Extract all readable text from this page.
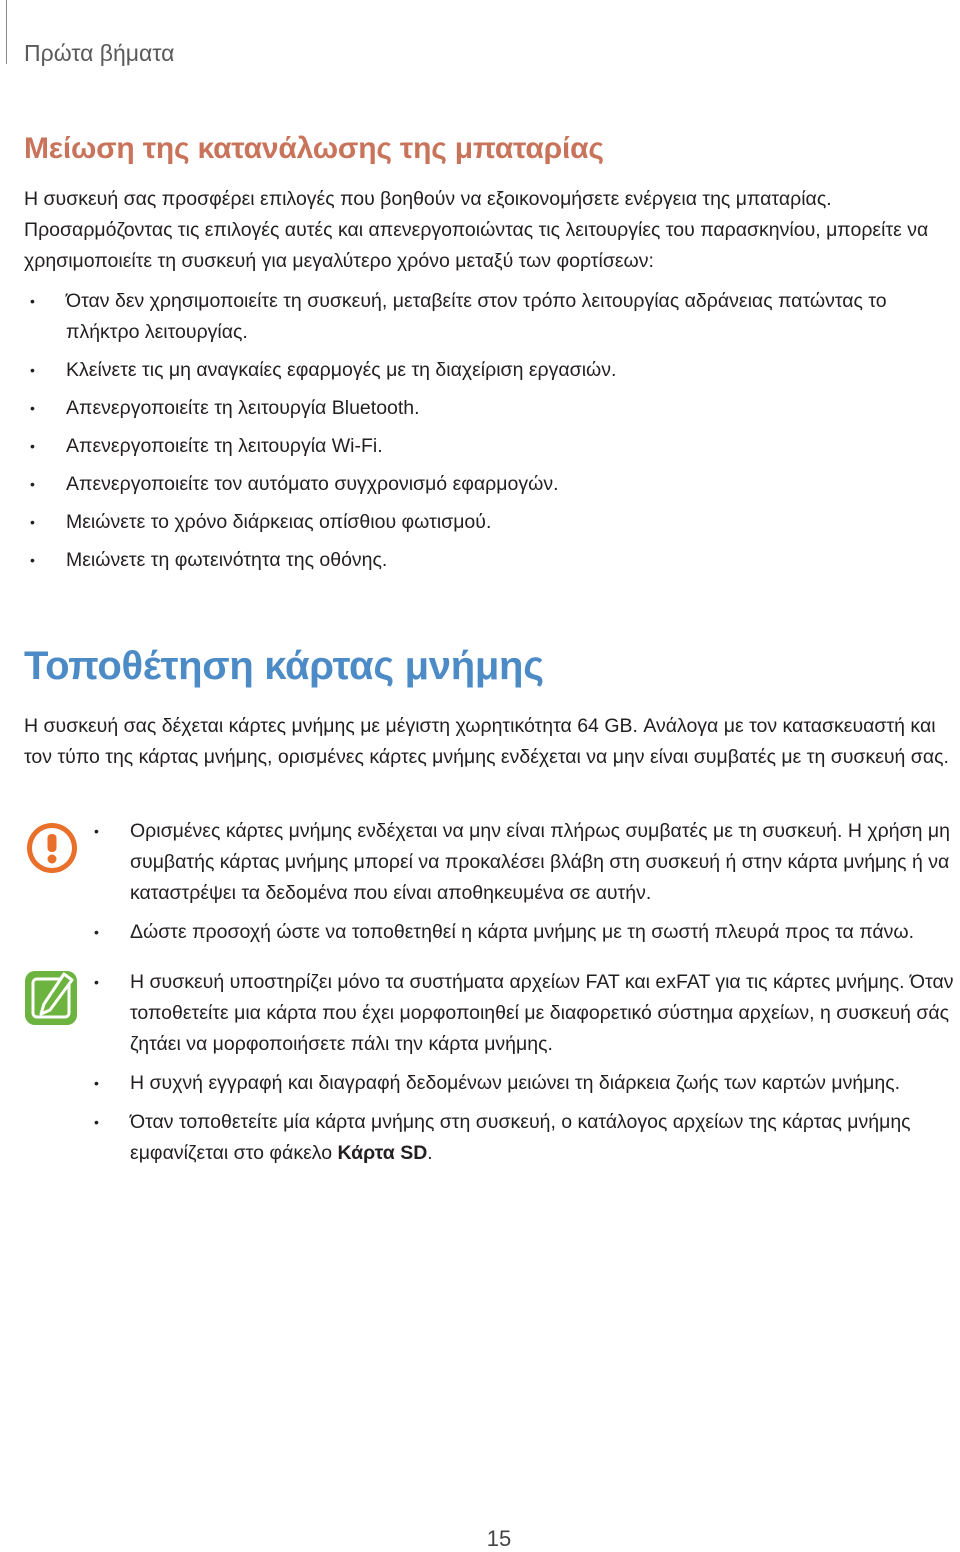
Πρώτα βήματα
Μείωση της κατανάλωσης της μπαταρίας

Η συσκευή σας προσφέρει επιλογές που βοηθούν να εξοικονομήσετε ενέργεια της μπαταρίας. Προσαρμόζοντας τις επιλογές αυτές και απενεργοποιώντας τις λειτουργίες του παρασκηνίου, μπορείτε να χρησιμοποιείτε τη συσκευή για μεγαλύτερο χρόνο μεταξύ των φορτίσεων:

• Όταν δεν χρησιμοποιείτε τη συσκευή, μεταβείτε στον τρόπο λειτουργίας αδράνειας πατώντας το πλήκτρο λειτουργίας.
• Κλείνετε τις μη αναγκαίες εφαρμογές με τη διαχείριση εργασιών.
• Απενεργοποιείτε τη λειτουργία Bluetooth.
• Απενεργοποιείτε τη λειτουργία Wi-Fi.
• Απενεργοποιείτε τον αυτόματο συγχρονισμό εφαρμογών.
• Μειώνετε το χρόνο διάρκειας οπίσθιου φωτισμού.
• Μειώνετε τη φωτεινότητα της οθόνης.
Τοποθέτηση κάρτας μνήμης

Η συσκευή σας δέχεται κάρτες μνήμης με μέγιστη χωρητικότητα 64 GB. Ανάλογα με τον κατασκευαστή και τον τύπο της κάρτας μνήμης, ορισμένες κάρτες μνήμης ενδέχεται να μην είναι συμβατές με τη συσκευή σας.

• Ορισμένες κάρτες μνήμης ενδέχεται να μην είναι πλήρως συμβατές με τη συσκευή. Η χρήση μη συμβατής κάρτας μνήμης μπορεί να προκαλέσει βλάβη στη συσκευή ή στην κάρτα μνήμης ή να καταστρέψει τα δεδομένα που είναι αποθηκευμένα σε αυτήν.
• Δώστε προσοχή ώστε να τοποθετηθεί η κάρτα μνήμης με τη σωστή πλευρά προς τα πάνω.
• Η συσκευή υποστηρίζει μόνο τα συστήματα αρχείων FAT και exFAT για τις κάρτες μνήμης. Όταν τοποθετείτε μια κάρτα που έχει μορφοποιηθεί με διαφορετικό σύστημα αρχείων, η συσκευή σάς ζητάει να μορφοποιήσετε πάλι την κάρτα μνήμης.
• Η συχνή εγγραφή και διαγραφή δεδομένων μειώνει τη διάρκεια ζωής των καρτών μνήμης.
• Όταν τοποθετείτε μία κάρτα μνήμης στη συσκευή, ο κατάλογος αρχείων της κάρτας μνήμης εμφανίζεται στο φάκελο Κάρτα SD.
15
